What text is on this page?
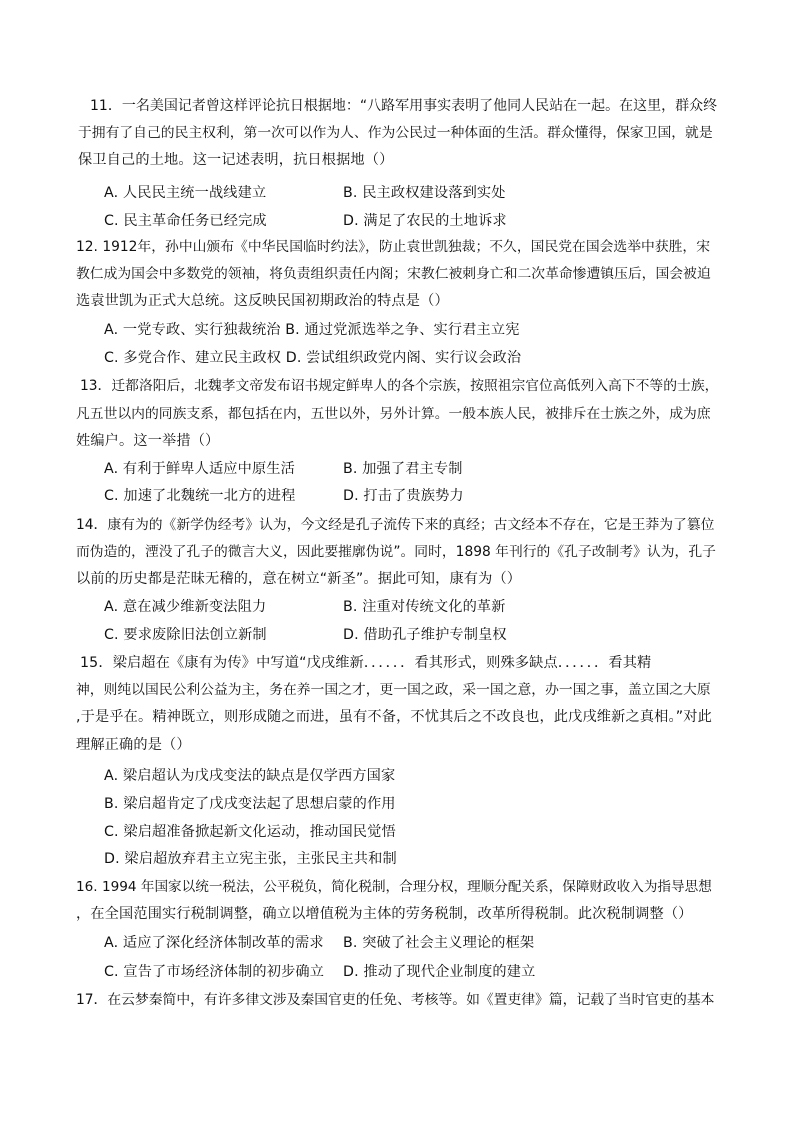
11．一名美国记者曾这样评论抗日根据地：“八路军用事实表明了他同人民站在一起。在这里，群众终
于拥有了自己的民主权利，第一次可以作为人、作为公民过一种体面的生活。群众懂得，保家卫国，就是
保卫自己的土地。这一记述表明，抗日根据地（）
A. 人民民主统一战线建立	B. 民主政权建设落到实处
C. 民主革命任务已经完成	D. 满足了农民的土地诉求
12. 1912年，孙中山颁布《中华民国临时约法》，防止袁世凯独裁；不久，国民党在国会选举中获胜，宋
教仁成为国会中多数党的领袖，将负责组织责任内阁；宋教仁被刺身亡和二次革命惨遭镇压后，国会被迫
选袁世凯为正式大总统。这反映民国初期政治的特点是（）
A. 一党专政、实行独裁统治 B. 通过党派选举之争、实行君主立宪
C. 多党合作、建立民主政权 D. 尝试组织政党内阁、实行议会政治
13．迁都洛阳后，北魏孝文帝发布诏书规定鲜卑人的各个宗族，按照祖宗官位高低列入高下不等的士族，
凡五世以内的同族支系，都包括在内，五世以外，另外计算。一般本族人民，被排斥在士族之外，成为庶
姓编户。这一举措（）
A. 有利于鲜卑人适应中原生活	B. 加强了君主专制
C. 加速了北魏统一北方的进程	D. 打击了贵族势力
14．康有为的《新学伪经考》认为，今文经是孔子流传下来的真经；古文经本不存在，它是王莽为了篡位
而伪造的，湮没了孔子的微言大义，因此要摧廓伪说”。同时，1898 年刊行的《孔子改制考》认为，孔子
以前的历史都是茫昧无稽的，意在树立“新圣”。据此可知，康有为（）
A. 意在减少维新变法阻力	B. 注重对传统文化的革新
C. 要求废除旧法创立新制	D. 借助孔子维护专制皇权
15．梁启超在《康有为传》中写道“戊戌维新．．．．．．看其形式，则殊多缺点．．．．．．看其精
神，则纯以国民公利公益为主，务在养一国之才，更一国之政，采一国之意，办一国之事，盖立国之大原
,于是乎在。精神既立，则形成随之而进，虽有不备，不忧其后之不改良也，此戊戌维新之真相。”对此
理解正确的是（）
A. 梁启超认为戊戌变法的缺点是仅学西方国家
B. 梁启超肯定了戊戌变法起了思想启蒙的作用
C. 梁启超准备掀起新文化运动，推动国民觉悟
D. 梁启超放弃君主立宪主张，主张民主共和制
16. 1994 年国家以统一税法，公平税负，简化税制，合理分权，理顺分配关系，保障财政收入为指导思想
，在全国范围实行税制调整，确立以增值税为主体的劳务税制，改革所得税制。此次税制调整（）
A. 适应了深化经济体制改革的需求 B. 突破了社会主义理论的框架
C. 宣告了市场经济体制的初步确立 D. 推动了现代企业制度的建立
17．在云梦秦简中，有许多律文涉及秦国官吏的任免、考核等。如《置吏律》篇，记载了当时官吏的基本
